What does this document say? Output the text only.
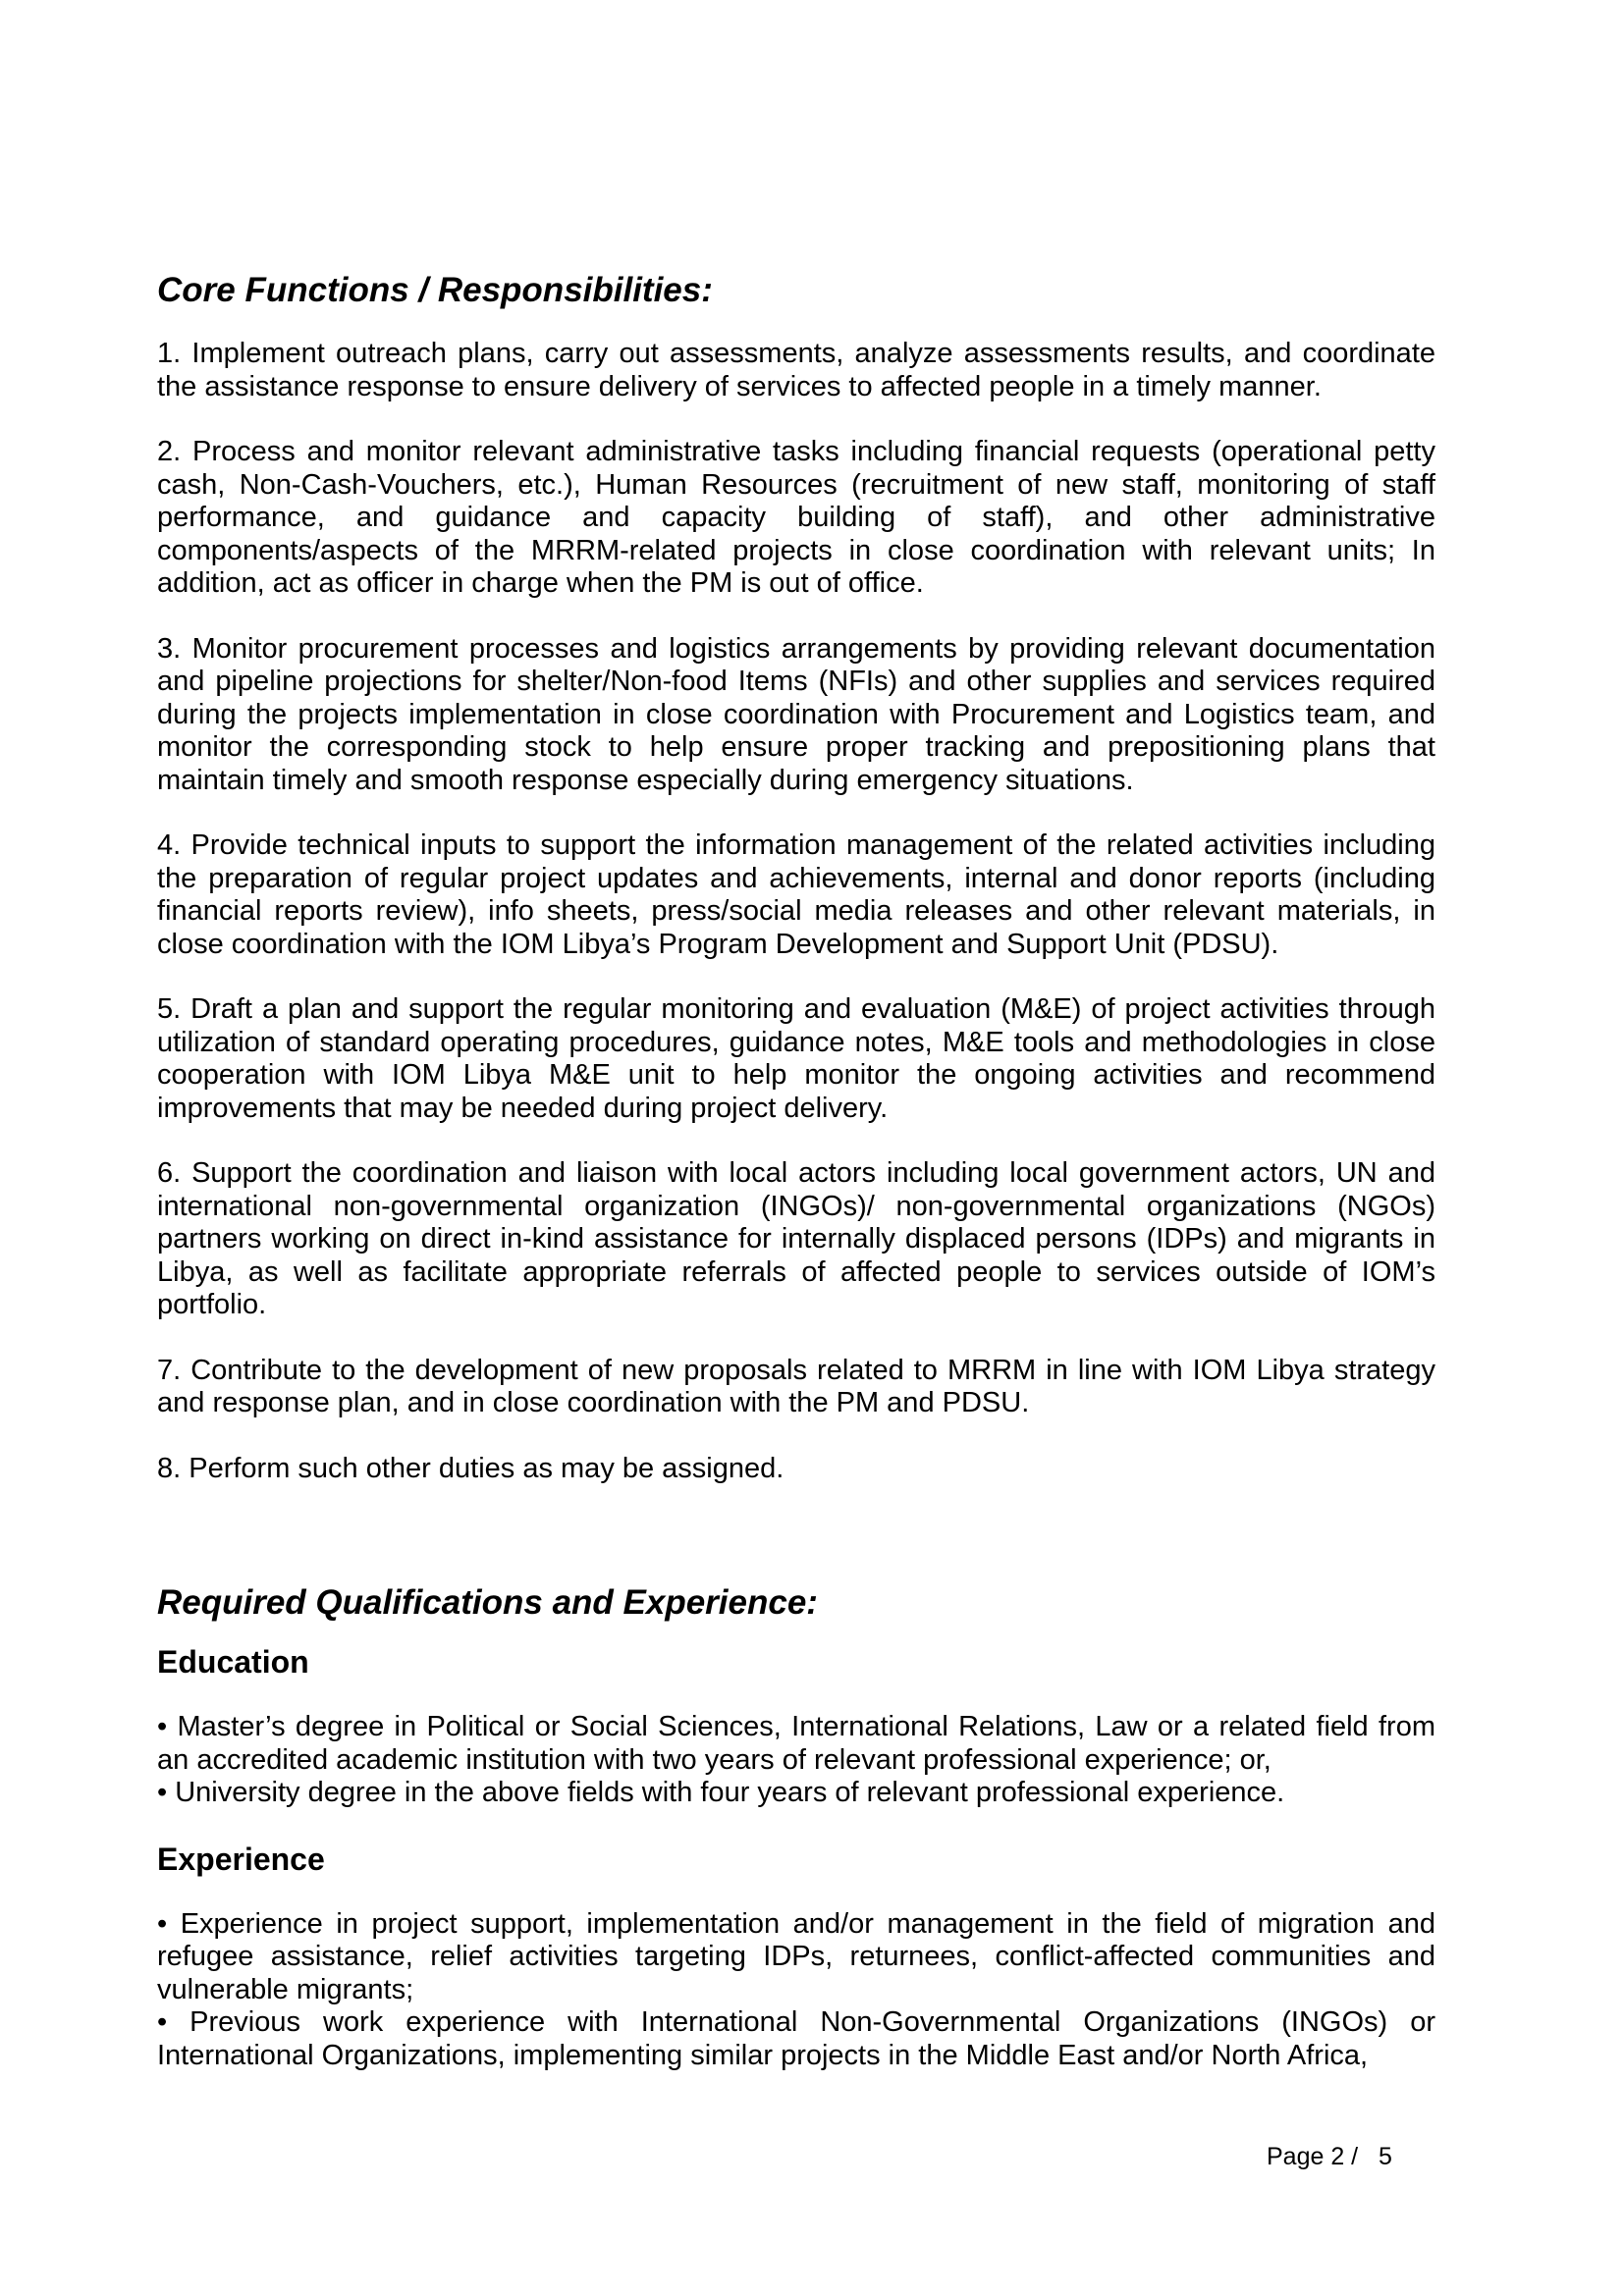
Core Functions / Responsibilities:

1. Implement outreach plans, carry out assessments, analyze assessments results, and coordinate the assistance response to ensure delivery of services to affected people in a timely manner.

2. Process and monitor relevant administrative tasks including financial requests (operational petty cash, Non-Cash-Vouchers, etc.), Human Resources (recruitment of new staff, monitoring of staff performance, and guidance and capacity building of staff), and other administrative components/aspects of the MRRM-related projects in close coordination with relevant units; In addition, act as officer in charge when the PM is out of office.

3. Monitor procurement processes and logistics arrangements by providing relevant documentation and pipeline projections for shelter/Non-food Items (NFIs) and other supplies and services required during the projects implementation in close coordination with Procurement and Logistics team, and monitor the corresponding stock to help ensure proper tracking and prepositioning plans that maintain timely and smooth response especially during emergency situations.

4. Provide technical inputs to support the information management of the related activities including the preparation of regular project updates and achievements, internal and donor reports (including financial reports review), info sheets, press/social media releases and other relevant materials, in close coordination with the IOM Libya’s Program Development and Support Unit (PDSU).

5. Draft a plan and support the regular monitoring and evaluation (M&E) of project activities through utilization of standard operating procedures, guidance notes, M&E tools and methodologies in close cooperation with IOM Libya M&E unit to help monitor the ongoing activities and recommend improvements that may be needed during project delivery.

6. Support the coordination and liaison with local actors including local government actors, UN and international non-governmental organization (INGOs)/ non-governmental organizations (NGOs) partners working on direct in-kind assistance for internally displaced persons (IDPs) and migrants in Libya, as well as facilitate appropriate referrals of affected people to services outside of IOM’s portfolio.

7. Contribute to the development of new proposals related to MRRM in line with IOM Libya strategy and response plan, and in close coordination with the PM and PDSU.

8. Perform such other duties as may be assigned.

Required Qualifications and Experience:
Education
• Master’s degree in Political or Social Sciences, International Relations, Law or a related field from an accredited academic institution with two years of relevant professional experience; or,
• University degree in the above fields with four years of relevant professional experience.
Experience
• Experience in project support, implementation and/or management in the field of migration and refugee assistance, relief activities targeting IDPs, returnees, conflict-affected communities and vulnerable migrants;
• Previous work experience with International Non-Governmental Organizations (INGOs) or International Organizations, implementing similar projects in the Middle East and/or North Africa,
Page 2 /   5
